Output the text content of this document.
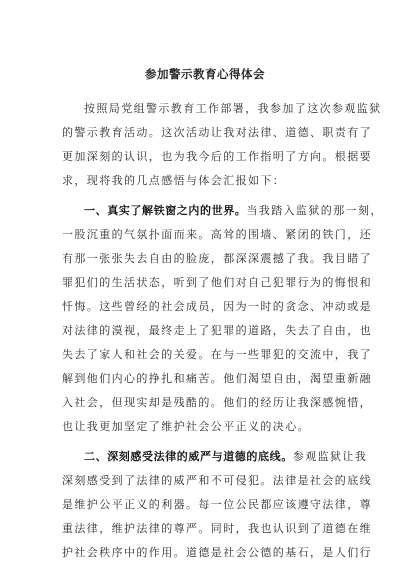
参加警示教育心得体会
按照局党组警示教育工作部署，我参加了这次参观监狱
的警示教育活动。这次活动让我对法律、道德、职责有了
更加深刻的认识，也为我今后的工作指明了方向。根据要
求，现将我的几点感悟与体会汇报如下：
一、真实了解铁窗之内的世界。当我踏入监狱的那一刻，
一股沉重的气氛扑面而来。高耸的围墙、紧闭的铁门，还
有那一张张失去自由的脸庞，都深深震撼了我。我目睹了
罪犯们的生活状态，听到了他们对自己犯罪行为的悔恨和
忏悔。这些曾经的社会成员，因为一时的贪念、冲动或是
对法律的漠视，最终走上了犯罪的道路，失去了自由，也
失去了家人和社会的关爱。在与一些罪犯的交流中，我了
解到他们内心的挣扎和痛苦。他们渴望自由，渴望重新融
入社会，但现实却是残酷的。他们的经历让我深感惋惜，
也让我更加坚定了维护社会公平正义的决心。
二、深刻感受法律的威严与道德的底线。参观监狱让我
深刻感受到了法律的威严和不可侵犯。法律是社会的底线
是维护公平正义的利器。每一位公民都应该遵守法律，尊
重法律，维护法律的尊严。同时，我也认识到了道德在维
护社会秩序中的作用。道德是社会公德的基石，是人们行
